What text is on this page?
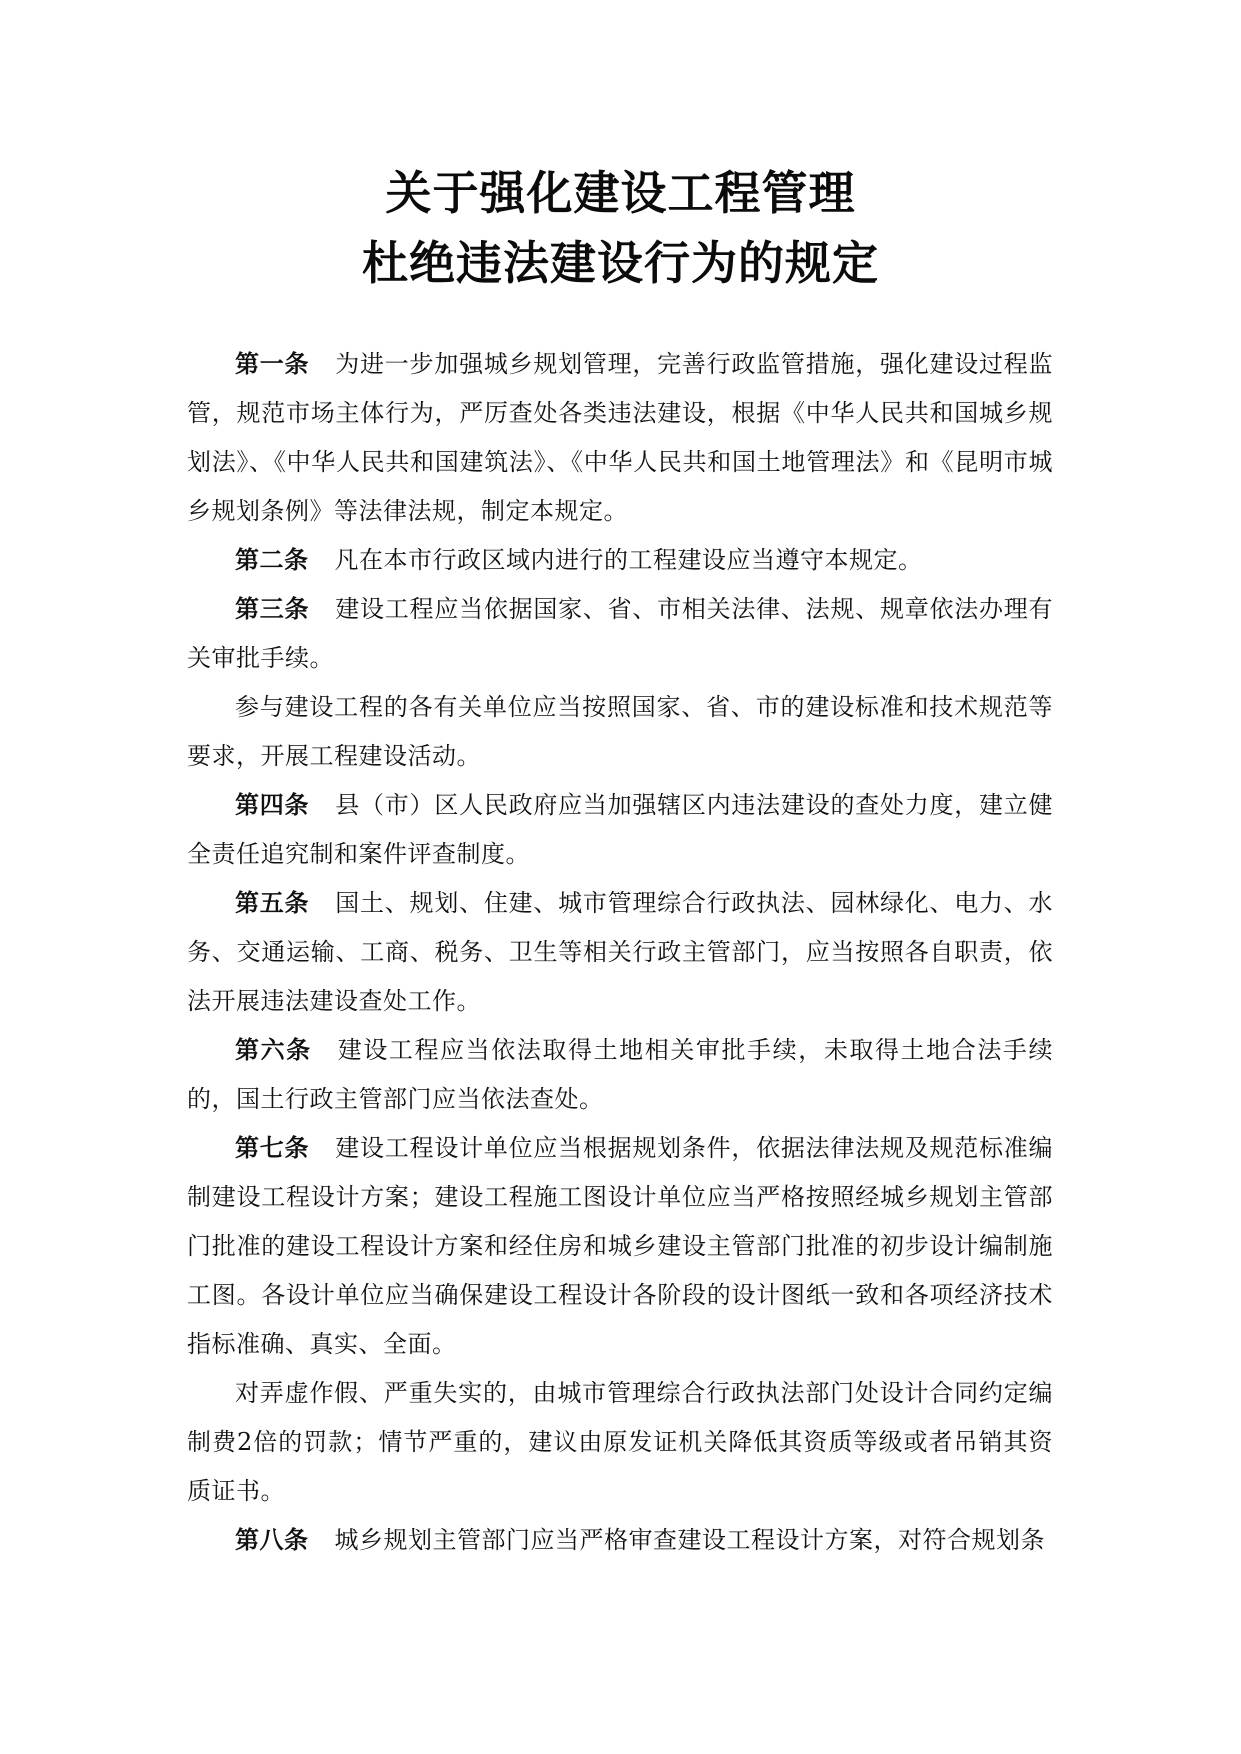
关于强化建设工程管理
杜绝违法建设行为的规定

第一条 为进一步加强城乡规划管理，完善行政监管措施，强化建设过程监管，规范市场主体行为，严厉查处各类违法建设，根据《中华人民共和国城乡规划法》、《中华人民共和国建筑法》、《中华人民共和国土地管理法》和《昆明市城乡规划条例》等法律法规，制定本规定。

第二条 凡在本市行政区域内进行的工程建设应当遵守本规定。

第三条 建设工程应当依据国家、省、市相关法律、法规、规章依法办理有关审批手续。

参与建设工程的各有关单位应当按照国家、省、市的建设标准和技术规范等要求，开展工程建设活动。

第四条 县（市）区人民政府应当加强辖区内违法建设的查处力度，建立健全责任追究制和案件评查制度。

第五条 国土、规划、住建、城市管理综合行政执法、园林绿化、电力、水务、交通运输、工商、税务、卫生等相关行政主管部门，应当按照各自职责，依法开展违法建设查处工作。

第六条 建设工程应当依法取得土地相关审批手续，未取得土地合法手续的，国土行政主管部门应当依法查处。

第七条 建设工程设计单位应当根据规划条件，依据法律法规及规范标准编制建设工程设计方案；建设工程施工图设计单位应当严格按照经城乡规划主管部门批准的建设工程设计方案和经住房和城乡建设主管部门批准的初步设计编制施工图。各设计单位应当确保建设工程设计各阶段的设计图纸一致和各项经济技术指标准确、真实、全面。

对弄虚作假、严重失实的，由城市管理综合行政执法部门处设计合同约定编制费2倍的罚款；情节严重的，建议由原发证机关降低其资质等级或者吊销其资质证书。

第八条 城乡规划主管部门应当严格审查建设工程设计方案，对符合规划条
